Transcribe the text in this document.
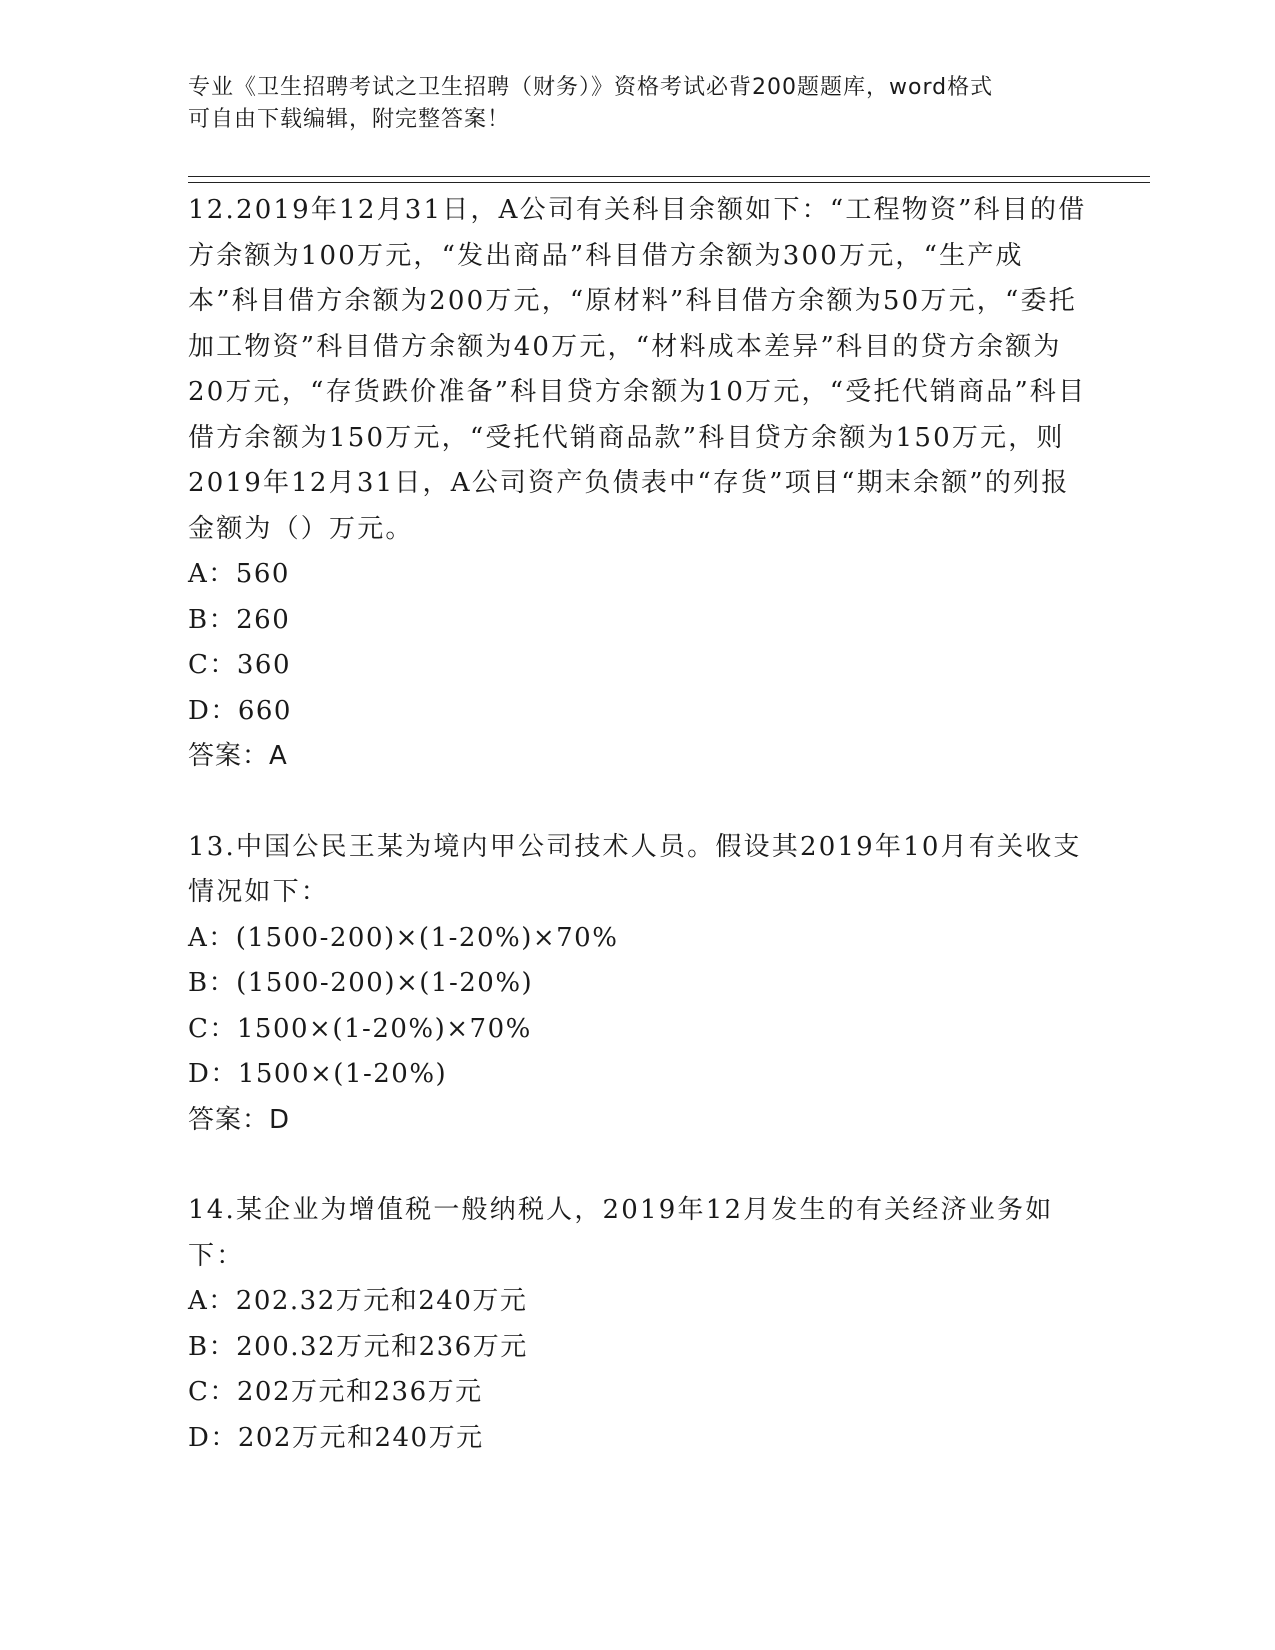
专业《卫生招聘考试之卫生招聘（财务）》资格考试必背200题题库，word格式
可自由下载编辑，附完整答案！

12.2019年12月31日，A公司有关科目余额如下：“工程物资”科目的借方余额为100万元，“发出商品”科目借方余额为300万元，“生产成本”科目借方余额为200万元，“原材料”科目借方余额为50万元，“委托加工物资”科目借方余额为40万元，“材料成本差异”科目的贷方余额为20万元，“存货跌价准备”科目贷方余额为10万元，“受托代销商品”科目借方余额为150万元，“受托代销商品款”科目贷方余额为150万元，则2019年12月31日，A公司资产负债表中“存货”项目“期末余额”的列报金额为（）万元。

A：560

B：260

C：360

D：660

答案：A

13.中国公民王某为境内甲公司技术人员。假设其2019年10月有关收支情况如下：

A：(1500-200)×(1-20%)×70%

B：(1500-200)×(1-20%)

C：1500×(1-20%)×70%

D：1500×(1-20%)

答案：D

14.某企业为增值税一般纳税人，2019年12月发生的有关经济业务如下：

A：202.32万元和240万元

B：200.32万元和236万元

C：202万元和236万元

D：202万元和240万元
